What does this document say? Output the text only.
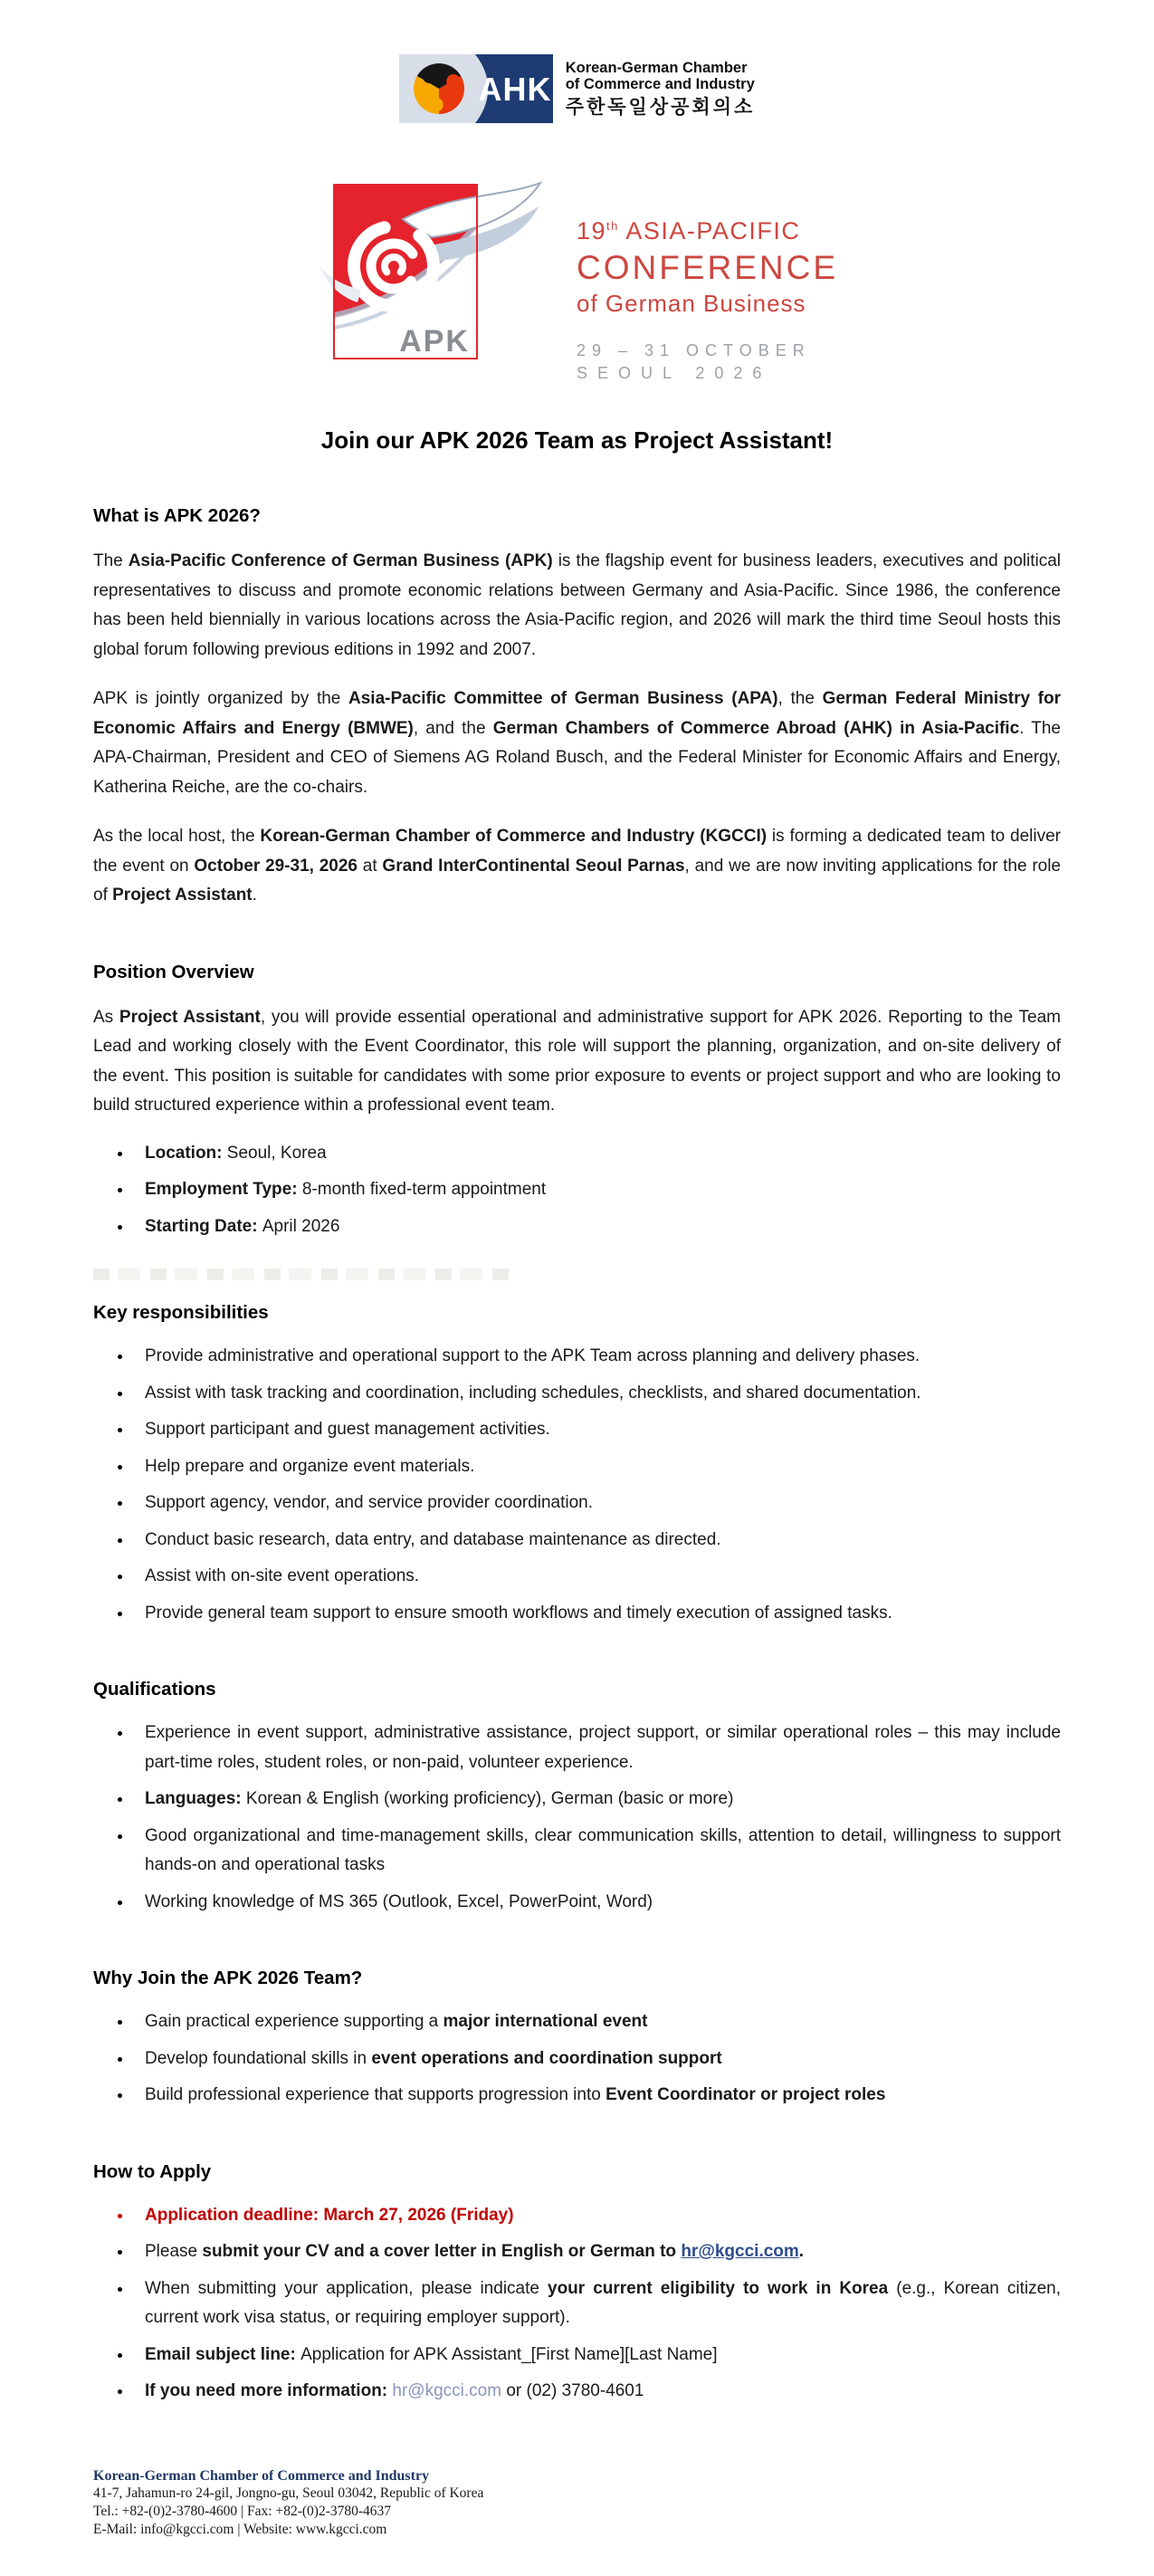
AHK
Korean-German Chamber
of Commerce and Industry
주한독일상공회의소
APK
19th ASIA-PACIFIC
CONFERENCE
of German Business
29 – 31 OCTOBER
SEOUL 2026
Join our APK 2026 Team as Project Assistant!
What is APK 2026?

The Asia-Pacific Conference of German Business (APK) is the flagship event for business leaders, executives and political representatives to discuss and promote economic relations between Germany and Asia-Pacific. Since 1986, the conference has been held biennially in various locations across the Asia-Pacific region, and 2026 will mark the third time Seoul hosts this global forum following previous editions in 1992 and 2007.

APK is jointly organized by the Asia-Pacific Committee of German Business (APA), the German Federal Ministry for Economic Affairs and Energy (BMWE), and the German Chambers of Commerce Abroad (AHK) in Asia-Pacific. The APA-Chairman, President and CEO of Siemens AG Roland Busch, and the Federal Minister for Economic Affairs and Energy, Katherina Reiche, are the co-chairs.

As the local host, the Korean-German Chamber of Commerce and Industry (KGCCI) is forming a dedicated team to deliver the event on October 29-31, 2026 at Grand InterContinental Seoul Parnas, and we are now inviting applications for the role of Project Assistant.

Position Overview

As Project Assistant, you will provide essential operational and administrative support for APK 2026. Reporting to the Team Lead and working closely with the Event Coordinator, this role will support the planning, organization, and on-site delivery of the event. This position is suitable for candidates with some prior exposure to events or project support and who are looking to build structured experience within a professional event team.

Location: Seoul, Korea
Employment Type: 8-month fixed-term appointment
Starting Date: April 2026
Key responsibilities
Provide administrative and operational support to the APK Team across planning and delivery phases.
Assist with task tracking and coordination, including schedules, checklists, and shared documentation.
Support participant and guest management activities.
Help prepare and organize event materials.
Support agency, vendor, and service provider coordination.
Conduct basic research, data entry, and database maintenance as directed.
Assist with on-site event operations.
Provide general team support to ensure smooth workflows and timely execution of assigned tasks.
Qualifications
Experience in event support, administrative assistance, project support, or similar operational roles – this may include part-time roles, student roles, or non-paid, volunteer experience.
Languages: Korean & English (working proficiency), German (basic or more)
Good organizational and time-management skills, clear communication skills, attention to detail, willingness to support hands-on and operational tasks
Working knowledge of MS 365 (Outlook, Excel, PowerPoint, Word)
Why Join the APK 2026 Team?
Gain practical experience supporting a major international event
Develop foundational skills in event operations and coordination support
Build professional experience that supports progression into Event Coordinator or project roles
How to Apply
Application deadline: March 27, 2026 (Friday)
Please submit your CV and a cover letter in English or German to hr@kgcci.com.
When submitting your application, please indicate your current eligibility to work in Korea (e.g., Korean citizen, current work visa status, or requiring employer support).
Email subject line: Application for APK Assistant_[First Name][Last Name]
If you need more information: hr@kgcci.com or (02) 3780-4601
Korean-German Chamber of Commerce and Industry
41-7, Jahamun-ro 24-gil, Jongno-gu, Seoul 03042, Republic of Korea
Tel.: +82-(0)2-3780-4600 | Fax: +82-(0)2-3780-4637
E-Mail: info@kgcci.com | Website: www.kgcci.com
